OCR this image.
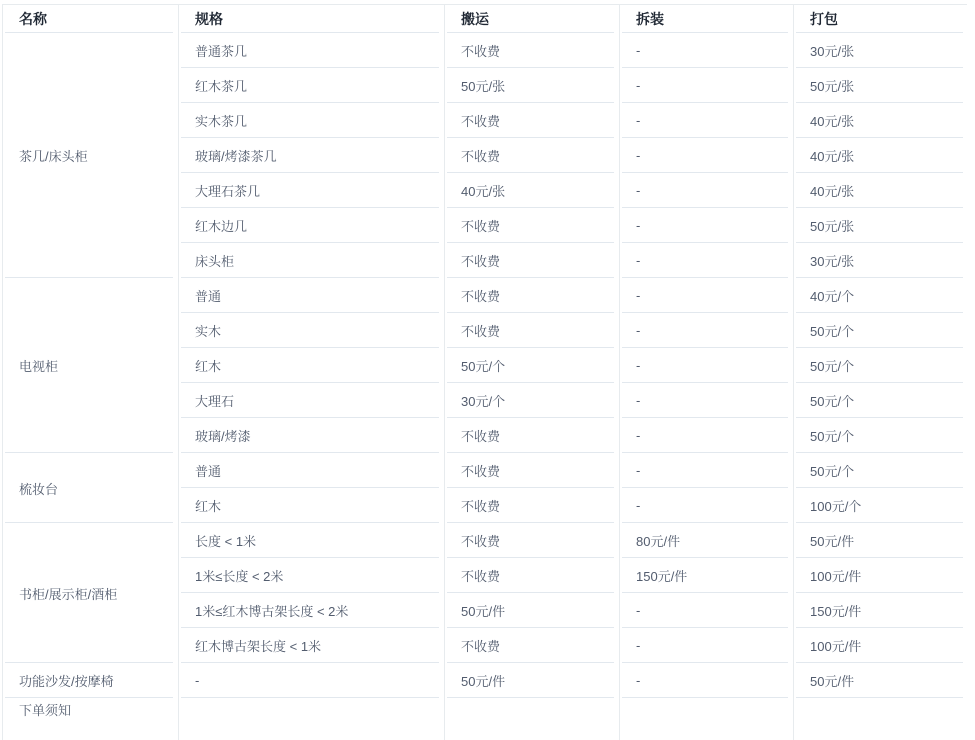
名称	规格	搬运	拆装	打包
茶几/床头柜	普通茶几	不收费	-	30元/张
	红木茶几	50元/张	-	50元/张
	实木茶几	不收费	-	40元/张
	玻璃/烤漆茶几	不收费	-	40元/张
	大理石茶几	40元/张	-	40元/张
	红木边几	不收费	-	50元/张
	床头柜	不收费	-	30元/张
电视柜	普通	不收费	-	40元/个
	实木	不收费	-	50元/个
	红木	50元/个	-	50元/个
	大理石	30元/个	-	50元/个
	玻璃/烤漆	不收费	-	50元/个
梳妆台	普通	不收费	-	50元/个
	红木	不收费	-	100元/个
书柜/展示柜/酒柜	长度 < 1米	不收费	80元/件	50元/件
	1米≤长度 < 2米	不收费	150元/件	100元/件
	1米≤红木博古架长度 < 2米	50元/件	-	150元/件
	红木博古架长度 < 1米	不收费	-	100元/件
功能沙发/按摩椅	-	50元/件	-	50元/件
下单须知				
